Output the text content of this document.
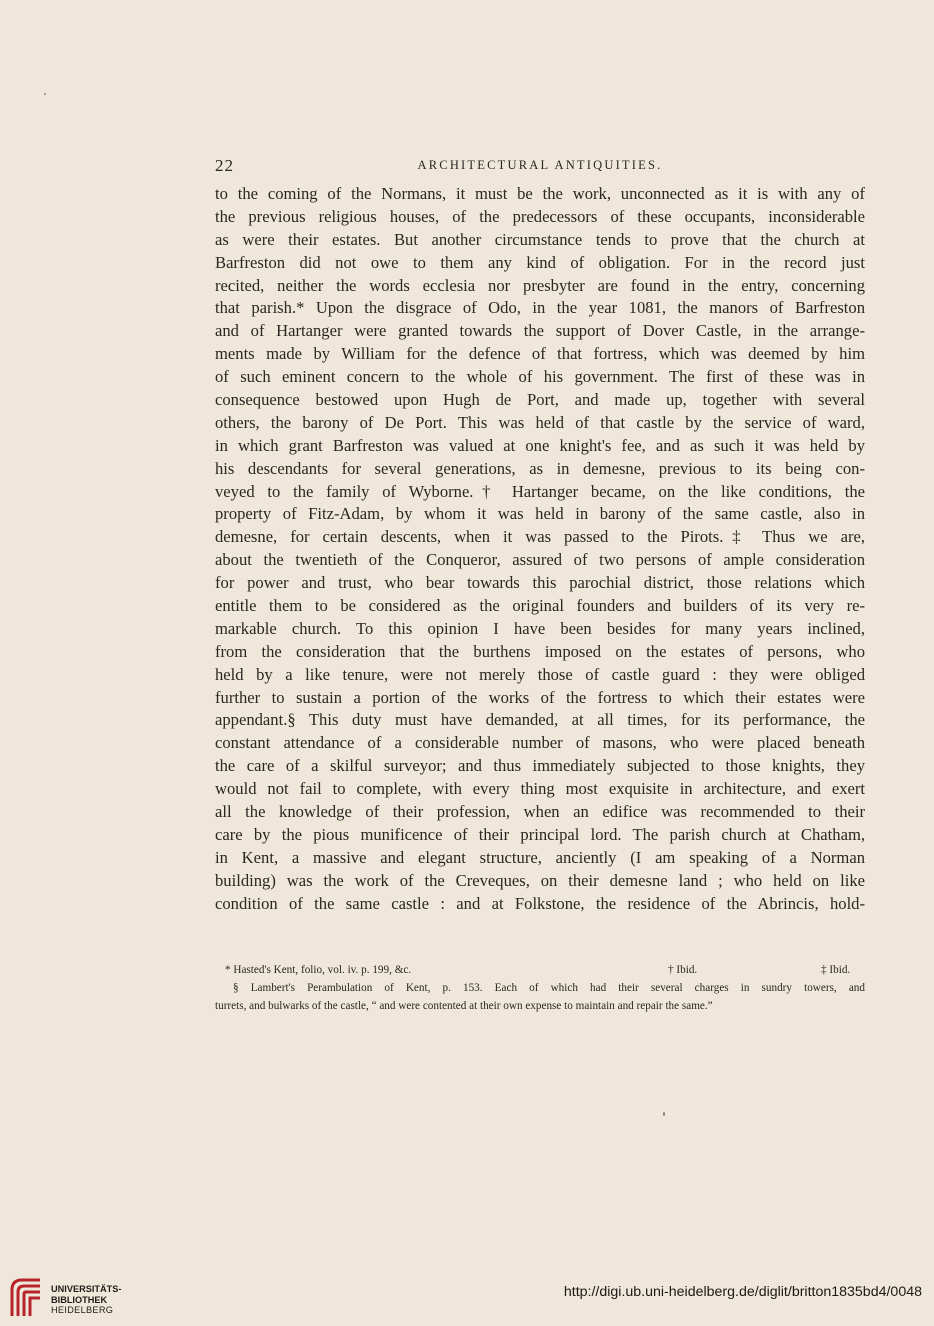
22	ARCHITECTURAL ANTIQUITIES.
to the coming of the Normans, it must be the work, unconnected as it is with any of
the previous religious houses, of the predecessors of these occupants, inconsiderable
as were their estates. But another circumstance tends to prove that the church at
Barfreston did not owe to them any kind of obligation. For in the record just
recited, neither the words ecclesia nor presbyter are found in the entry, concerning
that parish.* Upon the disgrace of Odo, in the year 1081, the manors of Barfreston
and of Hartanger were granted towards the support of Dover Castle, in the arrange-
ments made by William for the defence of that fortress, which was deemed by him
of such eminent concern to the whole of his government. The first of these was in
consequence bestowed upon Hugh de Port, and made up, together with several
others, the barony of De Port. This was held of that castle by the service of ward,
in which grant Barfreston was valued at one knight's fee, and as such it was held by
his descendants for several generations, as in demesne, previous to its being con-
veyed to the family of Wyborne.† Hartanger became, on the like conditions, the
property of Fitz-Adam, by whom it was held in barony of the same castle, also in
demesne, for certain descents, when it was passed to the Pirots.‡ Thus we are,
about the twentieth of the Conqueror, assured of two persons of ample consideration
for power and trust, who bear towards this parochial district, those relations which
entitle them to be considered as the original founders and builders of its very re-
markable church. To this opinion I have been besides for many years inclined,
from the consideration that the burthens imposed on the estates of persons, who
held by a like tenure, were not merely those of castle guard : they were obliged
further to sustain a portion of the works of the fortress to which their estates were
appendant.§ This duty must have demanded, at all times, for its performance, the
constant attendance of a considerable number of masons, who were placed beneath
the care of a skilful surveyor; and thus immediately subjected to those knights, they
would not fail to complete, with every thing most exquisite in architecture, and exert
all the knowledge of their profession, when an edifice was recommended to their
care by the pious munificence of their principal lord. The parish church at Chatham,
in Kent, a massive and elegant structure, anciently (I am speaking of a Norman
building) was the work of the Creveques, on their demesne land ; who held on like
condition of the same castle : and at Folkstone, the residence of the Abrincis, hold-
* Hasted's Kent, folio, vol. iv. p. 199, &c.	† Ibid.	‡ Ibid.
§ Lambert's Perambulation of Kent, p. 153. Each of which had their several charges in sundry towers, and
turrets, and bulwarks of the castle, “ and were contented at their own expense to maintain and repair the same.”
UNIVERSITÄTS-
BIBLIOTHEK
HEIDELBERG
http://digi.ub.uni-heidelberg.de/diglit/britton1835bd4/0048
